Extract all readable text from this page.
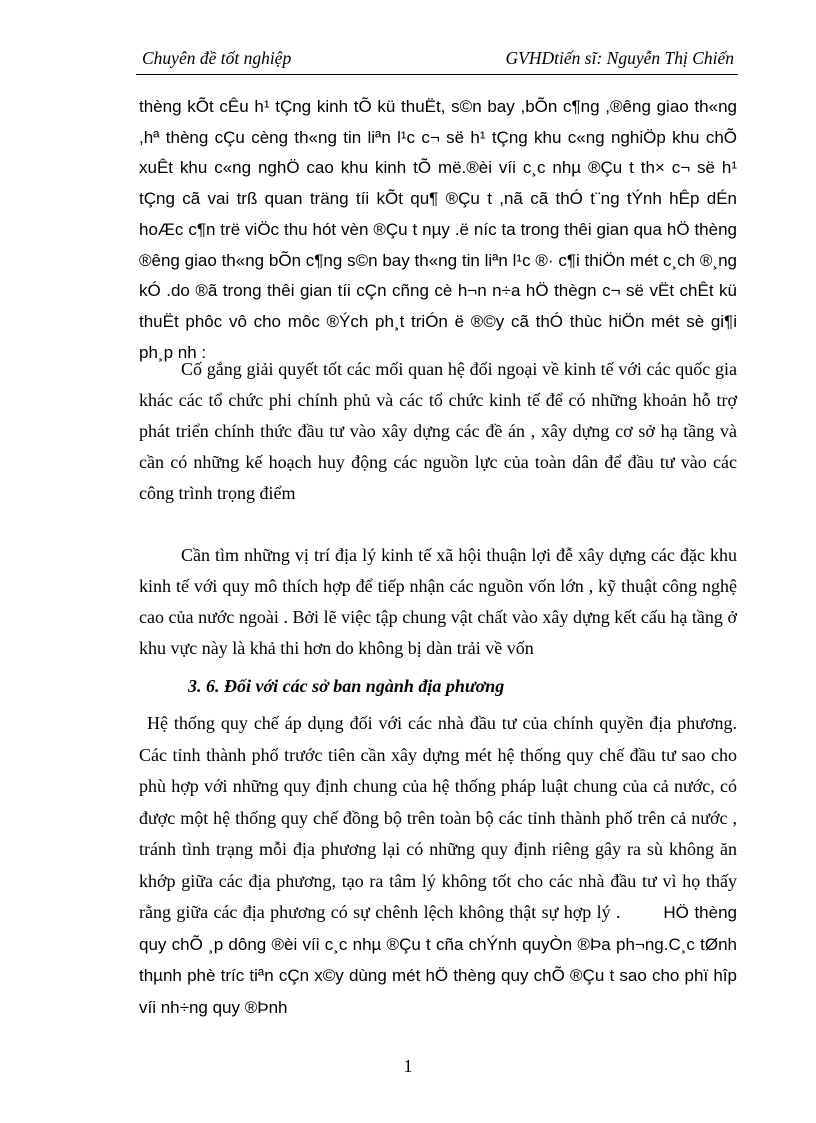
Chuyên đề tốt nghiệp	GVHDtiến sĩ: Nguyễn Thị Chiến

thèng kÕt cÊu h¹ tÇng kinh tÕ kü thuËt, s©n bay ,bÕn c¶ng ,®êng giao th«ng ,hª thèng cÇu cèng th«ng tin liªn l¹c c¬ së h¹ tÇng khu c«ng nghiÖp khu chÕ xuÊt khu c«ng nghÖ cao khu kinh tÕ më.®èi víi c¸c nhµ ®Çu t th× c¬ së h¹ tÇng cã vai trß quan träng tíi kÕt qu¶ ®Çu t ,nã cã thÓ t¨ng tÝnh hÊp dÉn hoÆc c¶n trë viÖc thu hót vèn ®Çu t nµy .ë níc ta trong thêi gian qua hÖ thèng ®êng giao th«ng bÕn c¶ng s©n bay th«ng tin liªn l¹c ®· c¶i thiÖn mét c¸ch ®¸ng kÓ .do ®ã trong thêi gian tíi cÇn cñng cè h¬n n÷a hÖ thègn c¬ së vËt chÊt kü thuËt phôc vô cho môc ®Ých ph¸t triÓn ë ®©y cã thÓ thùc hiÖn mét sè gi¶i ph¸p nh :

Cố gắng giải quyết tốt các mối quan hệ đối ngoại về kinh tế với các quốc gia khác các tổ chức phi chính phủ và các tổ chức kinh tế để có những khoản hỗ trợ phát triển chính thức đầu tư vào xây dựng các đề án , xây dựng cơ sở hạ tầng và cần có những kế hoạch huy động các nguồn lực của toàn dân để đầu tư vào các công trình trọng điểm

Cần tìm những vị trí địa lý kinh tế xã hội thuận lợi đễ xây dựng các đặc khu kinh tế với quy mô thích hợp để tiếp nhận các nguồn vốn lớn , kỹ thuật công nghệ cao của nước ngoài . Bởi lẽ việc tập chung vật chất vào xây dựng kết cấu hạ tầng ở khu vực này là khả thi hơn do không bị dàn trải về vốn

3. 6. Đối với các sở ban ngành địa phương

Hệ thống quy chế áp dụng đối với các nhà đầu tư của chính quyền địa phương. Các tỉnh thành phố trước tiên cần xây dựng mét hệ thống quy chế đầu tư sao cho phù hợp với những quy định chung của hệ thống pháp luật chung của cả nước, có được một hệ thống quy chế đồng bộ trên toàn bộ các tỉnh thành phố trên cả nước , tránh tình trạng mỗi địa phương lại có những quy định riêng gây ra sù không ăn khớp giữa các địa phương, tạo ra tâm lý không tốt cho các nhà đầu tư vì họ thấy rằng giữa các địa phương có sự chênh lệch không thật sự hợp lý .	HÖ thèng quy chÕ ¸p dông ®èi víi c¸c nhµ ®Çu t cña chÝnh quyÒn ®Þa ph¬ng.C¸c tØnh thµnh phè tríc tiªn cÇn x©y dùng mét hÖ thèng quy chÕ ®Çu t sao cho phï hîp víi nh÷ng quy ®Þnh

1
